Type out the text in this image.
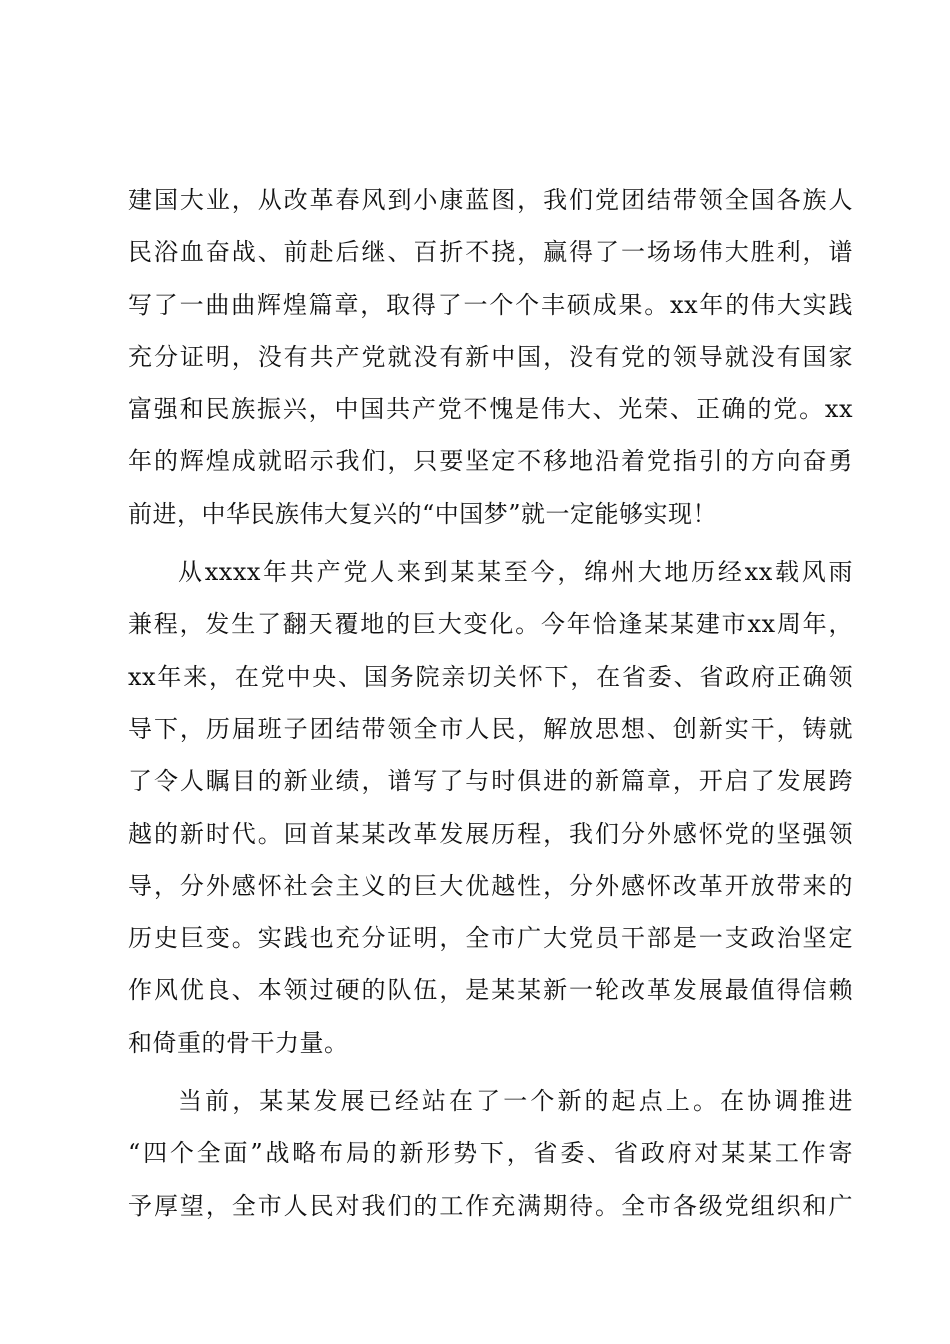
建国大业，从改革春风到小康蓝图，我们党团结带领全国各族人
民浴血奋战、前赴后继、百折不挠，赢得了一场场伟大胜利，谱
写了一曲曲辉煌篇章，取得了一个个丰硕成果。xx年的伟大实践
充分证明，没有共产党就没有新中国，没有党的领导就没有国家
富强和民族振兴，中国共产党不愧是伟大、光荣、正确的党。xx
年的辉煌成就昭示我们，只要坚定不移地沿着党指引的方向奋勇
前进，中华民族伟大复兴的“中国梦”就一定能够实现！
从xxxx年共产党人来到某某至今，绵州大地历经xx载风雨
兼程，发生了翻天覆地的巨大变化。今年恰逢某某建市xx周年，
xx年来，在党中央、国务院亲切关怀下，在省委、省政府正确领
导下，历届班子团结带领全市人民，解放思想、创新实干，铸就
了令人瞩目的新业绩，谱写了与时俱进的新篇章，开启了发展跨
越的新时代。回首某某改革发展历程，我们分外感怀党的坚强领
导，分外感怀社会主义的巨大优越性，分外感怀改革开放带来的
历史巨变。实践也充分证明，全市广大党员干部是一支政治坚定
作风优良、本领过硬的队伍，是某某新一轮改革发展最值得信赖
和倚重的骨干力量。
当前，某某发展已经站在了一个新的起点上。在协调推进
“四个全面”战略布局的新形势下，省委、省政府对某某工作寄
予厚望，全市人民对我们的工作充满期待。全市各级党组织和广
